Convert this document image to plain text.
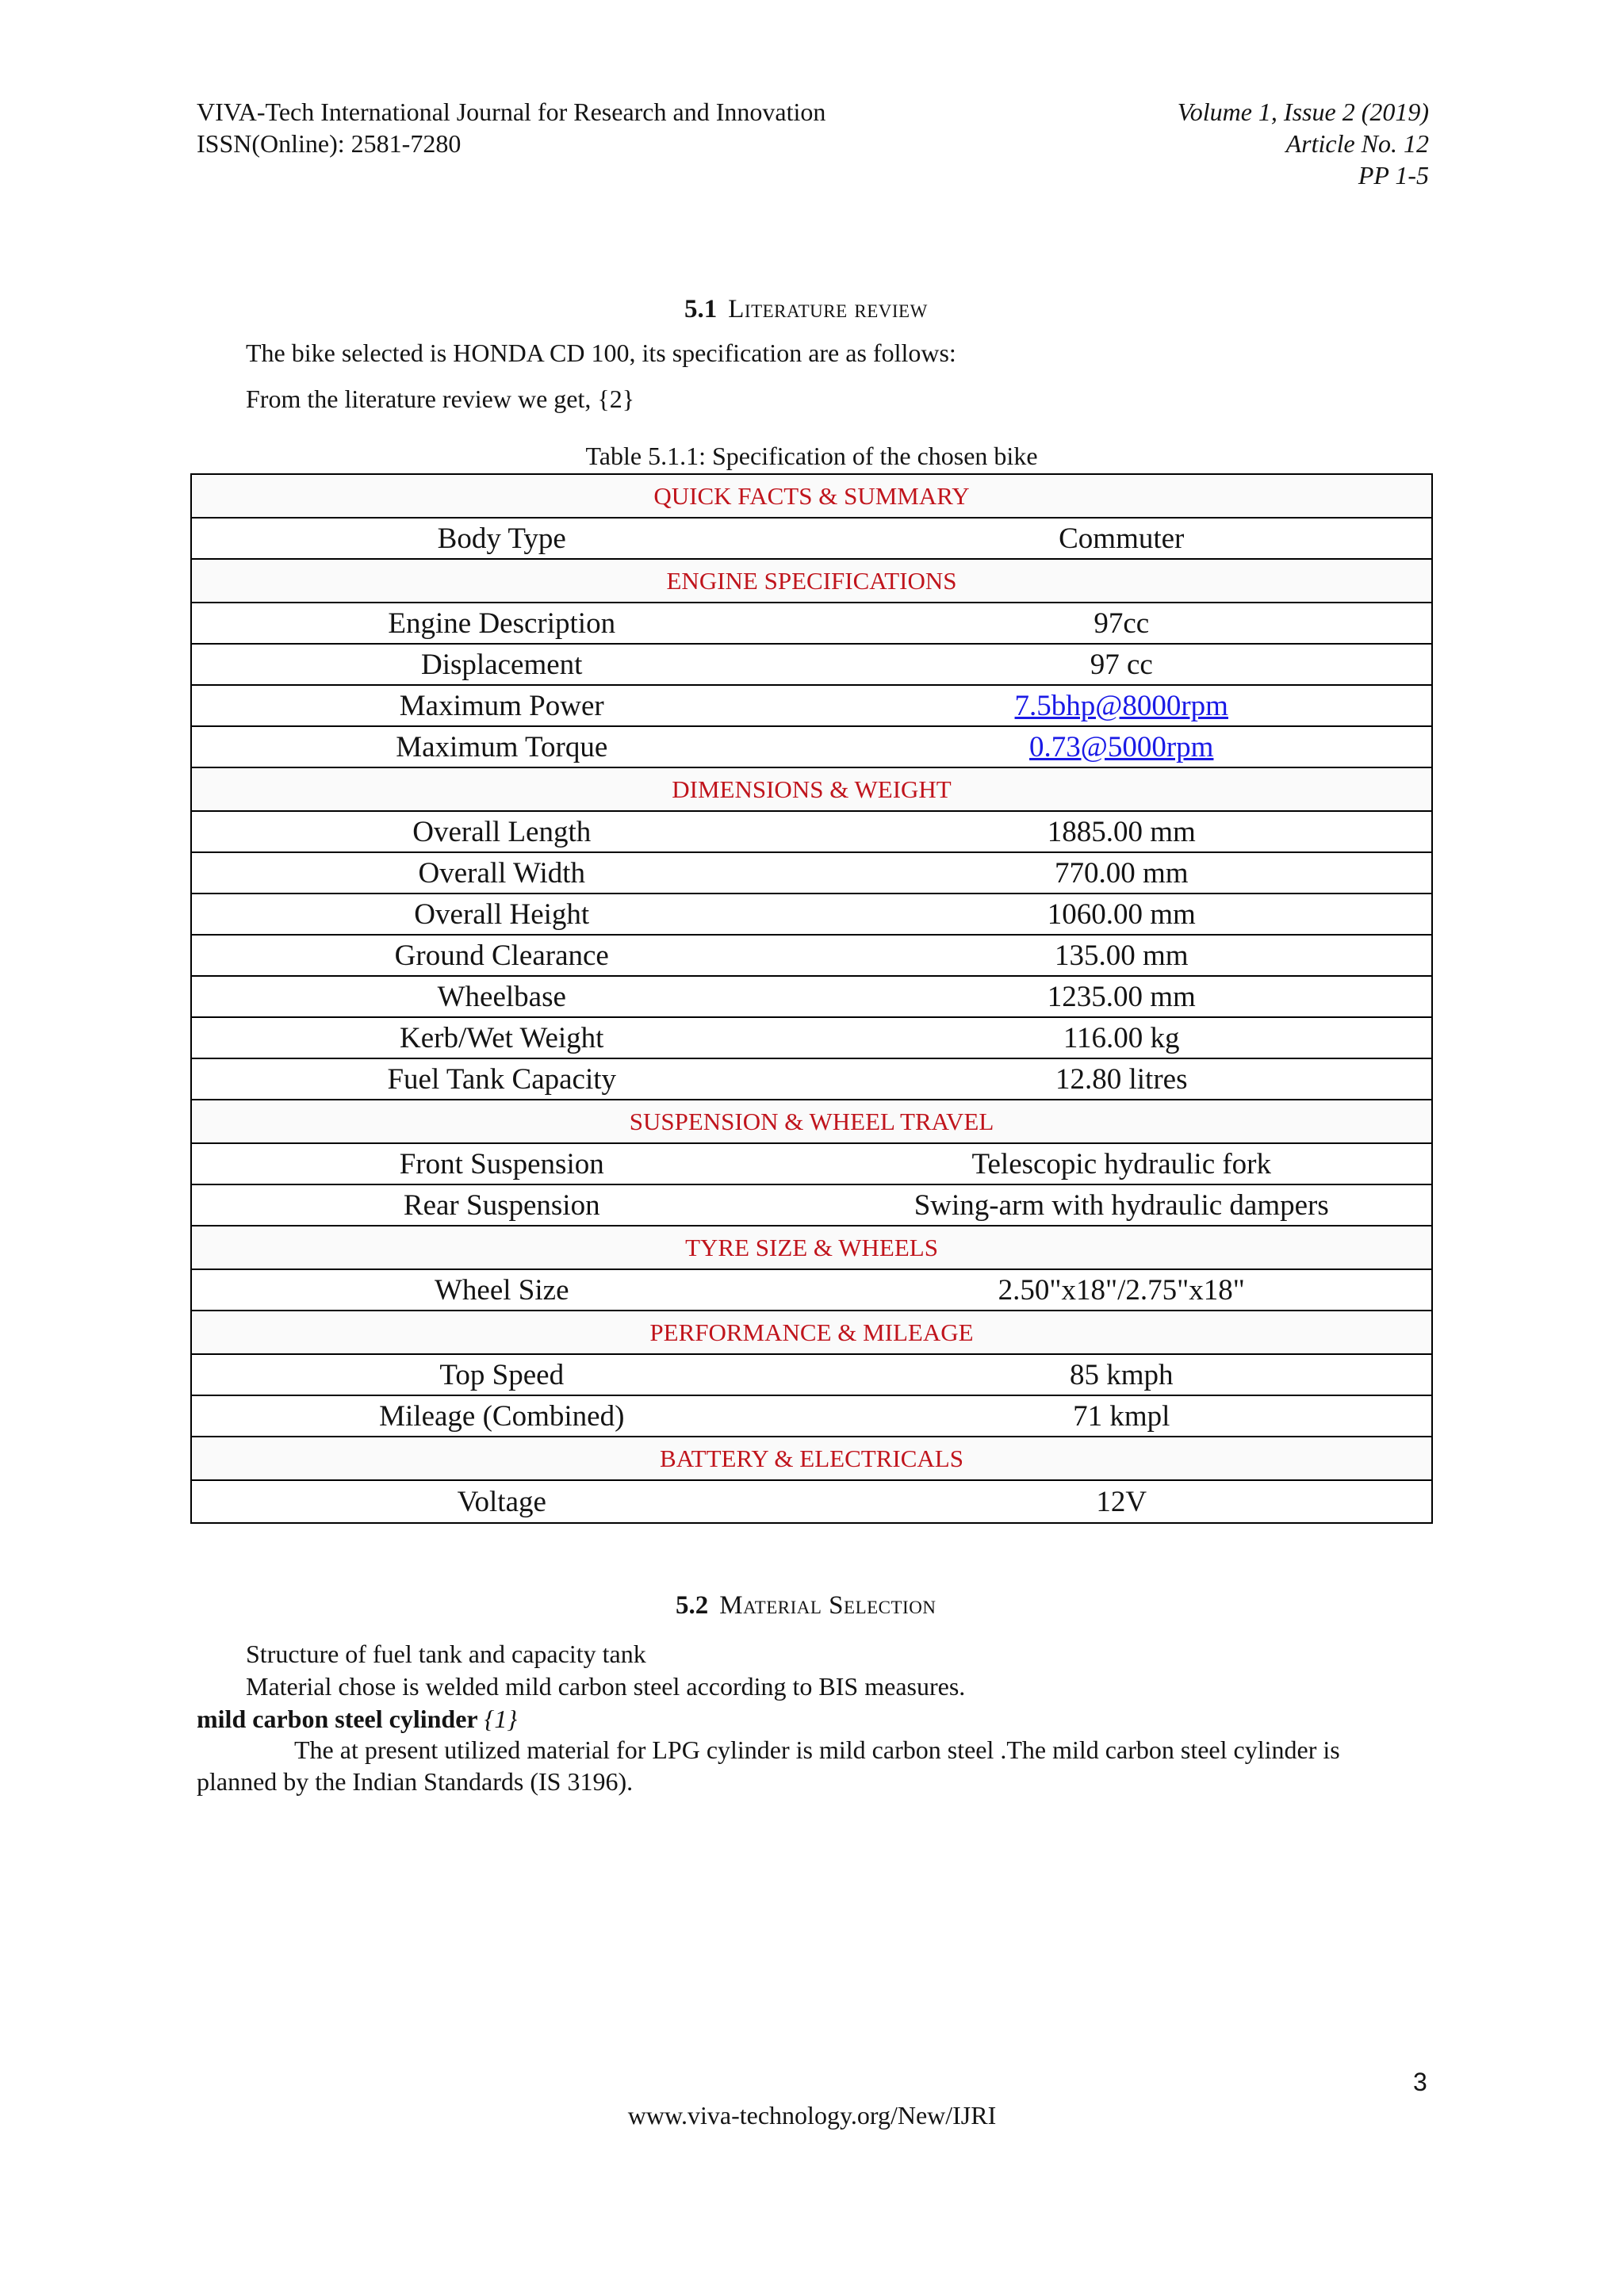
VIVA-Tech International Journal for Research and Innovation
ISSN(Online): 2581-7280
Volume 1, Issue 2 (2019)
Article No. 12
PP 1-5
5.1 Literature review
The bike selected is HONDA CD 100, its specification are as follows:
From the literature review we get, {2}
Table 5.1.1: Specification of the chosen bike
QUICK FACTS & SUMMARY
Body Type	Commuter
ENGINE SPECIFICATIONS
Engine Description	97cc
Displacement	97 cc
Maximum Power	7.5bhp@8000rpm
Maximum Torque	0.73@5000rpm
DIMENSIONS & WEIGHT
Overall Length	1885.00 mm
Overall Width	770.00 mm
Overall Height	1060.00 mm
Ground Clearance	135.00 mm
Wheelbase	1235.00 mm
Kerb/Wet Weight	116.00 kg
Fuel Tank Capacity	12.80 litres
SUSPENSION & WHEEL TRAVEL
Front Suspension	Telescopic hydraulic fork
Rear Suspension	Swing-arm with hydraulic dampers
TYRE SIZE & WHEELS
Wheel Size	2.50"x18"/2.75"x18"
PERFORMANCE & MILEAGE
Top Speed	85 kmph
Mileage (Combined)	71 kmpl
BATTERY & ELECTRICALS
Voltage	12V
5.2 Material Selection
Structure of fuel tank and capacity tank
Material chose is welded mild carbon steel according to BIS measures.
mild carbon steel cylinder {1}
The at present utilized material for LPG cylinder is mild carbon steel .The mild carbon steel cylinder is
planned by the Indian Standards (IS 3196).
3
www.viva-technology.org/New/IJRI
